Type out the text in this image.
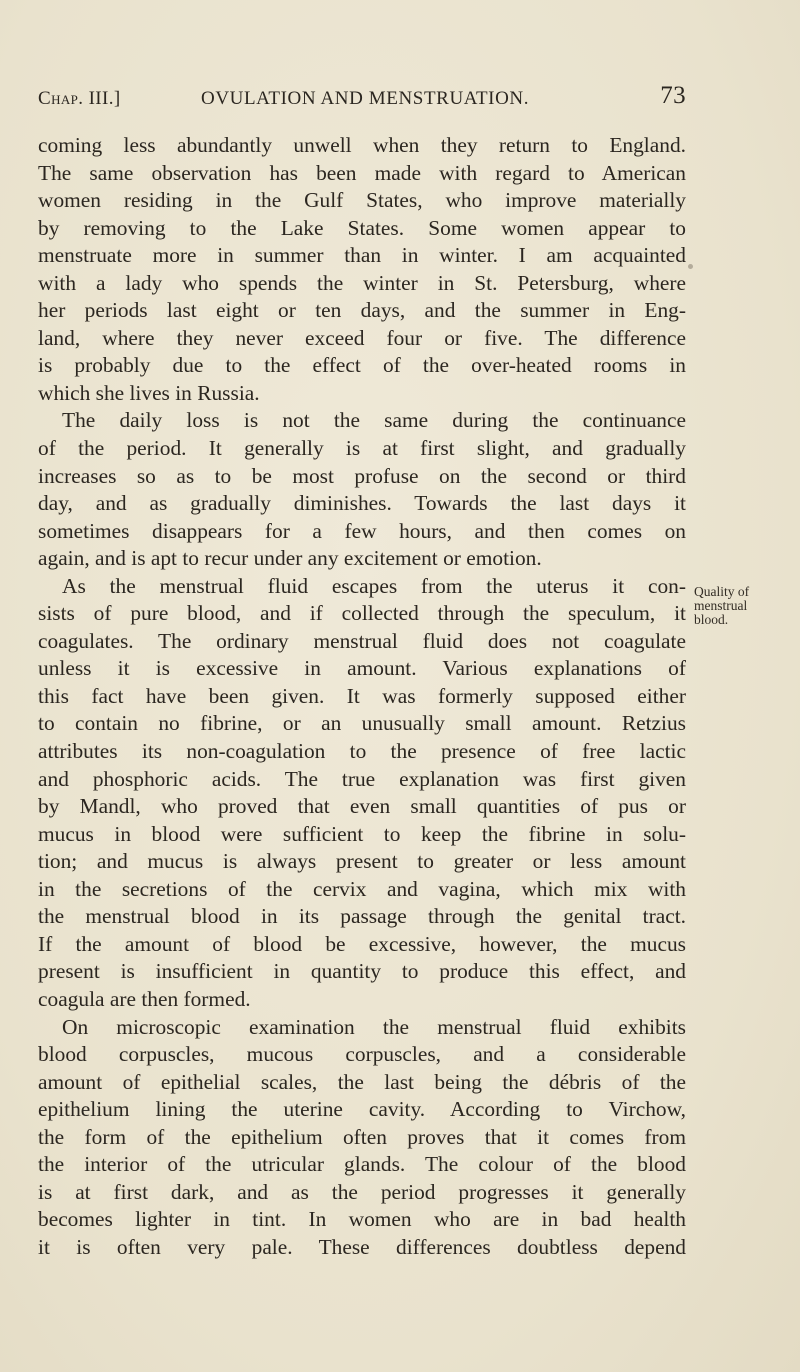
Chap. III.]	OVULATION AND MENSTRUATION.	73
coming less abundantly unwell when they return to England.
The same observation has been made with regard to American
women residing in the Gulf States, who improve materially
by removing to the Lake States. Some women appear to
menstruate more in summer than in winter. I am acquainted
with a lady who spends the winter in St. Petersburg, where
her periods last eight or ten days, and the summer in Eng-
land, where they never exceed four or five. The difference
is probably due to the effect of the over-heated rooms in
which she lives in Russia.
The daily loss is not the same during the continuance
of the period. It generally is at first slight, and gradually
increases so as to be most profuse on the second or third
day, and as gradually diminishes. Towards the last days it
sometimes disappears for a few hours, and then comes on
again, and is apt to recur under any excitement or emotion.
As the menstrual fluid escapes from the uterus it con-
sists of pure blood, and if collected through the speculum, it
coagulates. The ordinary menstrual fluid does not coagulate
unless it is excessive in amount. Various explanations of
this fact have been given. It was formerly supposed either
to contain no fibrine, or an unusually small amount. Retzius
attributes its non-coagulation to the presence of free lactic
and phosphoric acids. The true explanation was first given
by Mandl, who proved that even small quantities of pus or
mucus in blood were sufficient to keep the fibrine in solu-
tion; and mucus is always present to greater or less amount
in the secretions of the cervix and vagina, which mix with
the menstrual blood in its passage through the genital tract.
If the amount of blood be excessive, however, the mucus
present is insufficient in quantity to produce this effect, and
coagula are then formed.
On microscopic examination the menstrual fluid exhibits
blood corpuscles, mucous corpuscles, and a considerable
amount of epithelial scales, the last being the débris of the
epithelium lining the uterine cavity. According to Virchow,
the form of the epithelium often proves that it comes from
the interior of the utricular glands. The colour of the blood
is at first dark, and as the period progresses it generally
becomes lighter in tint. In women who are in bad health
it is often very pale. These differences doubtless depend
Quality of
menstrual
blood.
